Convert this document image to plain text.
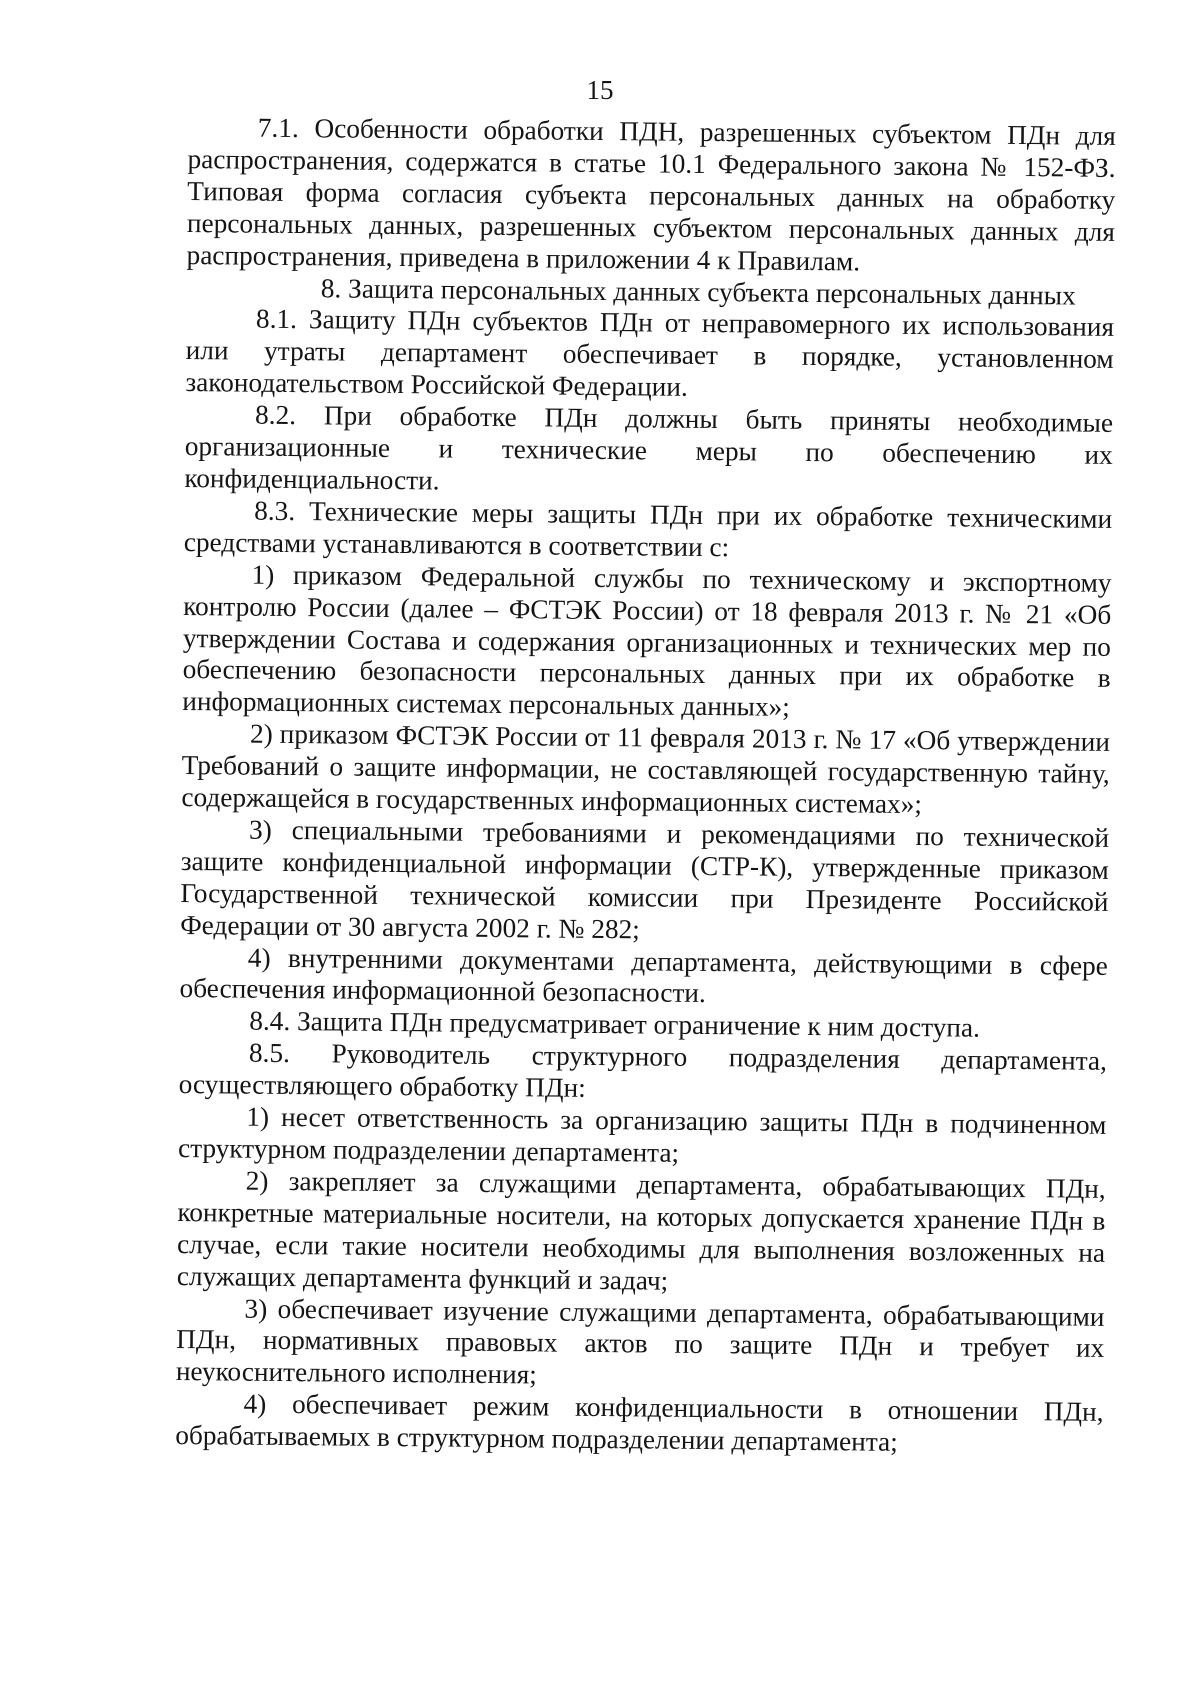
15

7.1. Особенности обработки ПДН, разрешенных субъектом ПДн для распространения, содержатся в статье 10.1 Федерального закона № 152-ФЗ. Типовая форма согласия субъекта персональных данных на обработку персональных данных, разрешенных субъектом персональных данных для распространения, приведена в приложении 4 к Правилам.

8. Защита персональных данных субъекта персональных данных

8.1. Защиту ПДн субъектов ПДн от неправомерного их использования или утраты департамент обеспечивает в порядке, установленном законодательством Российской Федерации.

8.2. При обработке ПДн должны быть приняты необходимые организационные и технические меры по обеспечению их конфиденциальности.

8.3. Технические меры защиты ПДн при их обработке техническими средствами устанавливаются в соответствии с:

1) приказом Федеральной службы по техническому и экспортному контролю России (далее – ФСТЭК России) от 18 февраля 2013 г. № 21 «Об утверждении Состава и содержания организационных и технических мер по обеспечению безопасности персональных данных при их обработке в информационных системах персональных данных»;

2) приказом ФСТЭК России от 11 февраля 2013 г. № 17 «Об утверждении Требований о защите информации, не составляющей государственную тайну, содержащейся в государственных информационных системах»;

3) специальными требованиями и рекомендациями по технической защите конфиденциальной информации (СТР-К), утвержденные приказом Государственной технической комиссии при Президенте Российской Федерации от 30 августа 2002 г. № 282;

4) внутренними документами департамента, действующими в сфере обеспечения информационной безопасности.

8.4. Защита ПДн предусматривает ограничение к ним доступа.

8.5. Руководитель структурного подразделения департамента, осуществляющего обработку ПДн:

1) несет ответственность за организацию защиты ПДн в подчиненном структурном подразделении департамента;

2) закрепляет за служащими департамента, обрабатывающих ПДн, конкретные материальные носители, на которых допускается хранение ПДн в случае, если такие носители необходимы для выполнения возложенных на служащих департамента функций и задач;

3) обеспечивает изучение служащими департамента, обрабатывающими ПДн, нормативных правовых актов по защите ПДн и требует их неукоснительного исполнения;

4) обеспечивает режим конфиденциальности в отношении ПДн, обрабатываемых в структурном подразделении департамента;
